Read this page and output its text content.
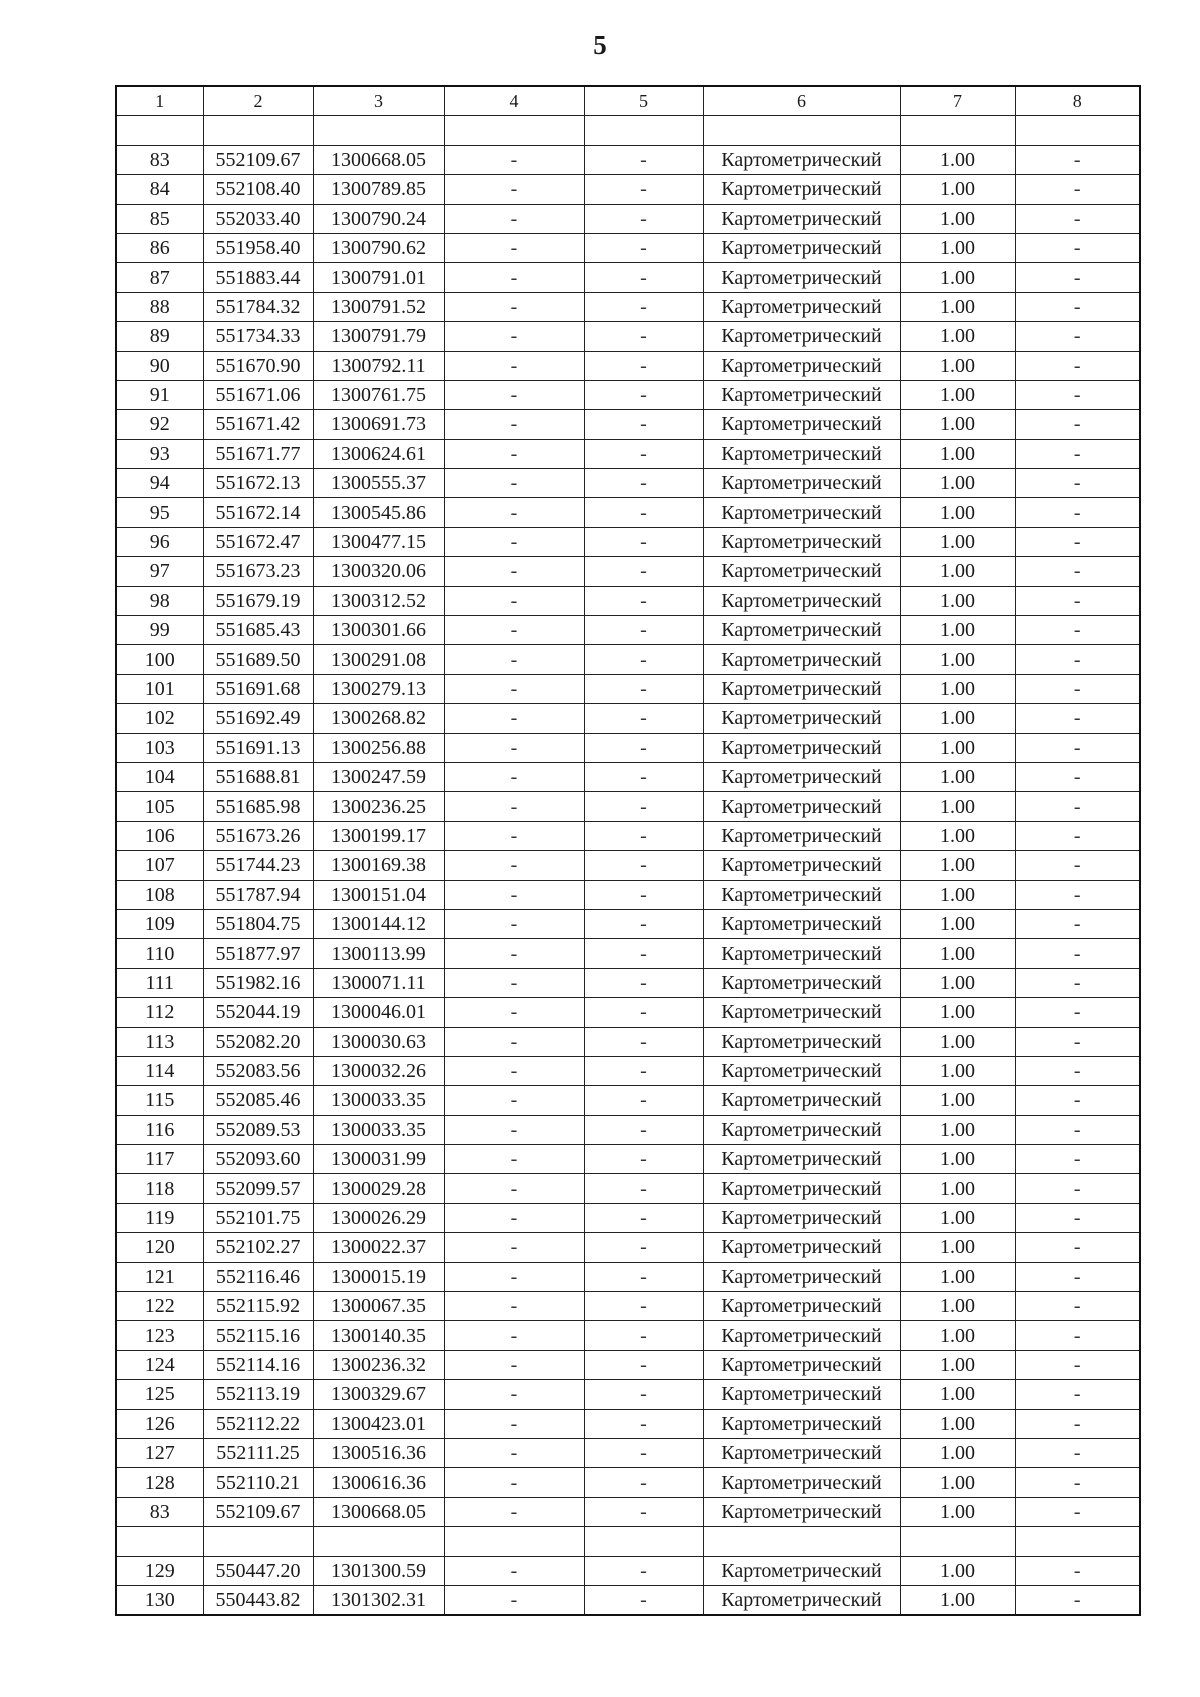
5
1	2	3	4	5	6	7	8

83	552109.67	1300668.05	-	-	Картометрический	1.00	-
84	552108.40	1300789.85	-	-	Картометрический	1.00	-
85	552033.40	1300790.24	-	-	Картометрический	1.00	-
86	551958.40	1300790.62	-	-	Картометрический	1.00	-
87	551883.44	1300791.01	-	-	Картометрический	1.00	-
88	551784.32	1300791.52	-	-	Картометрический	1.00	-
89	551734.33	1300791.79	-	-	Картометрический	1.00	-
90	551670.90	1300792.11	-	-	Картометрический	1.00	-
91	551671.06	1300761.75	-	-	Картометрический	1.00	-
92	551671.42	1300691.73	-	-	Картометрический	1.00	-
93	551671.77	1300624.61	-	-	Картометрический	1.00	-
94	551672.13	1300555.37	-	-	Картометрический	1.00	-
95	551672.14	1300545.86	-	-	Картометрический	1.00	-
96	551672.47	1300477.15	-	-	Картометрический	1.00	-
97	551673.23	1300320.06	-	-	Картометрический	1.00	-
98	551679.19	1300312.52	-	-	Картометрический	1.00	-
99	551685.43	1300301.66	-	-	Картометрический	1.00	-
100	551689.50	1300291.08	-	-	Картометрический	1.00	-
101	551691.68	1300279.13	-	-	Картометрический	1.00	-
102	551692.49	1300268.82	-	-	Картометрический	1.00	-
103	551691.13	1300256.88	-	-	Картометрический	1.00	-
104	551688.81	1300247.59	-	-	Картометрический	1.00	-
105	551685.98	1300236.25	-	-	Картометрический	1.00	-
106	551673.26	1300199.17	-	-	Картометрический	1.00	-
107	551744.23	1300169.38	-	-	Картометрический	1.00	-
108	551787.94	1300151.04	-	-	Картометрический	1.00	-
109	551804.75	1300144.12	-	-	Картометрический	1.00	-
110	551877.97	1300113.99	-	-	Картометрический	1.00	-
111	551982.16	1300071.11	-	-	Картометрический	1.00	-
112	552044.19	1300046.01	-	-	Картометрический	1.00	-
113	552082.20	1300030.63	-	-	Картометрический	1.00	-
114	552083.56	1300032.26	-	-	Картометрический	1.00	-
115	552085.46	1300033.35	-	-	Картометрический	1.00	-
116	552089.53	1300033.35	-	-	Картометрический	1.00	-
117	552093.60	1300031.99	-	-	Картометрический	1.00	-
118	552099.57	1300029.28	-	-	Картометрический	1.00	-
119	552101.75	1300026.29	-	-	Картометрический	1.00	-
120	552102.27	1300022.37	-	-	Картометрический	1.00	-
121	552116.46	1300015.19	-	-	Картометрический	1.00	-
122	552115.92	1300067.35	-	-	Картометрический	1.00	-
123	552115.16	1300140.35	-	-	Картометрический	1.00	-
124	552114.16	1300236.32	-	-	Картометрический	1.00	-
125	552113.19	1300329.67	-	-	Картометрический	1.00	-
126	552112.22	1300423.01	-	-	Картометрический	1.00	-
127	552111.25	1300516.36	-	-	Картометрический	1.00	-
128	552110.21	1300616.36	-	-	Картометрический	1.00	-
83	552109.67	1300668.05	-	-	Картометрический	1.00	-

129	550447.20	1301300.59	-	-	Картометрический	1.00	-
130	550443.82	1301302.31	-	-	Картометрический	1.00	-
